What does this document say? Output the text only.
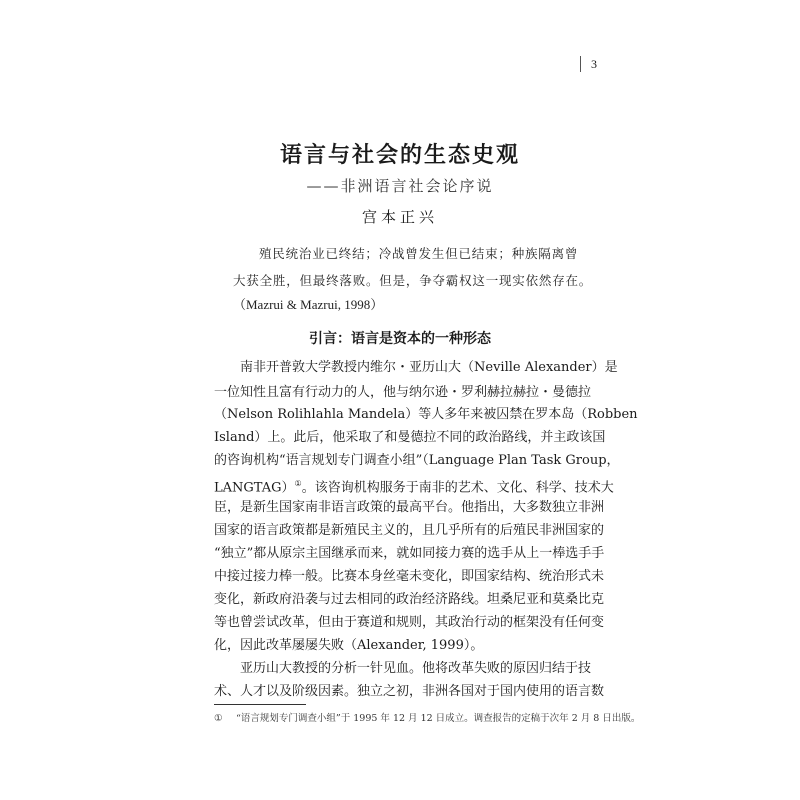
3
语言与社会的生态史观
——非洲语言社会论序说
宫本正兴
殖民统治业已终结；冷战曾发生但已结束；种族隔离曾
大获全胜，但最终落败。但是，争夺霸权这一现实依然存在。
（Mazrui & Mazrui, 1998）
引言：语言是资本的一种形态
南非开普敦大学教授内维尔・亚历山大（Neville Alexander）是
一位知性且富有行动力的人，他与纳尔逊・罗利赫拉赫拉・曼德拉
（Nelson Rolihlahla Mandela）等人多年来被囚禁在罗本岛（Robben
Island）上。此后，他采取了和曼德拉不同的政治路线，并主政该国
的咨询机构“语言规划专门调查小组”（Language Plan Task Group，
LANGTAG）①。该咨询机构服务于南非的艺术、文化、科学、技术大
臣，是新生国家南非语言政策的最高平台。他指出，大多数独立非洲
国家的语言政策都是新殖民主义的，且几乎所有的后殖民非洲国家的
“独立”都从原宗主国继承而来，就如同接力赛的选手从上一棒选手手
中接过接力棒一般。比赛本身丝毫未变化，即国家结构、统治形式未
变化，新政府沿袭与过去相同的政治经济路线。坦桑尼亚和莫桑比克
等也曾尝试改革，但由于赛道和规则，其政治行动的框架没有任何变
化，因此改革屡屡失败（Alexander, 1999）。
亚历山大教授的分析一针见血。他将改革失败的原因归结于技
术、人才以及阶级因素。独立之初，非洲各国对于国内使用的语言数
① “语言规划专门调查小组”于 1995 年 12 月 12 日成立。调查报告的定稿于次年 2 月 8 日出版。
